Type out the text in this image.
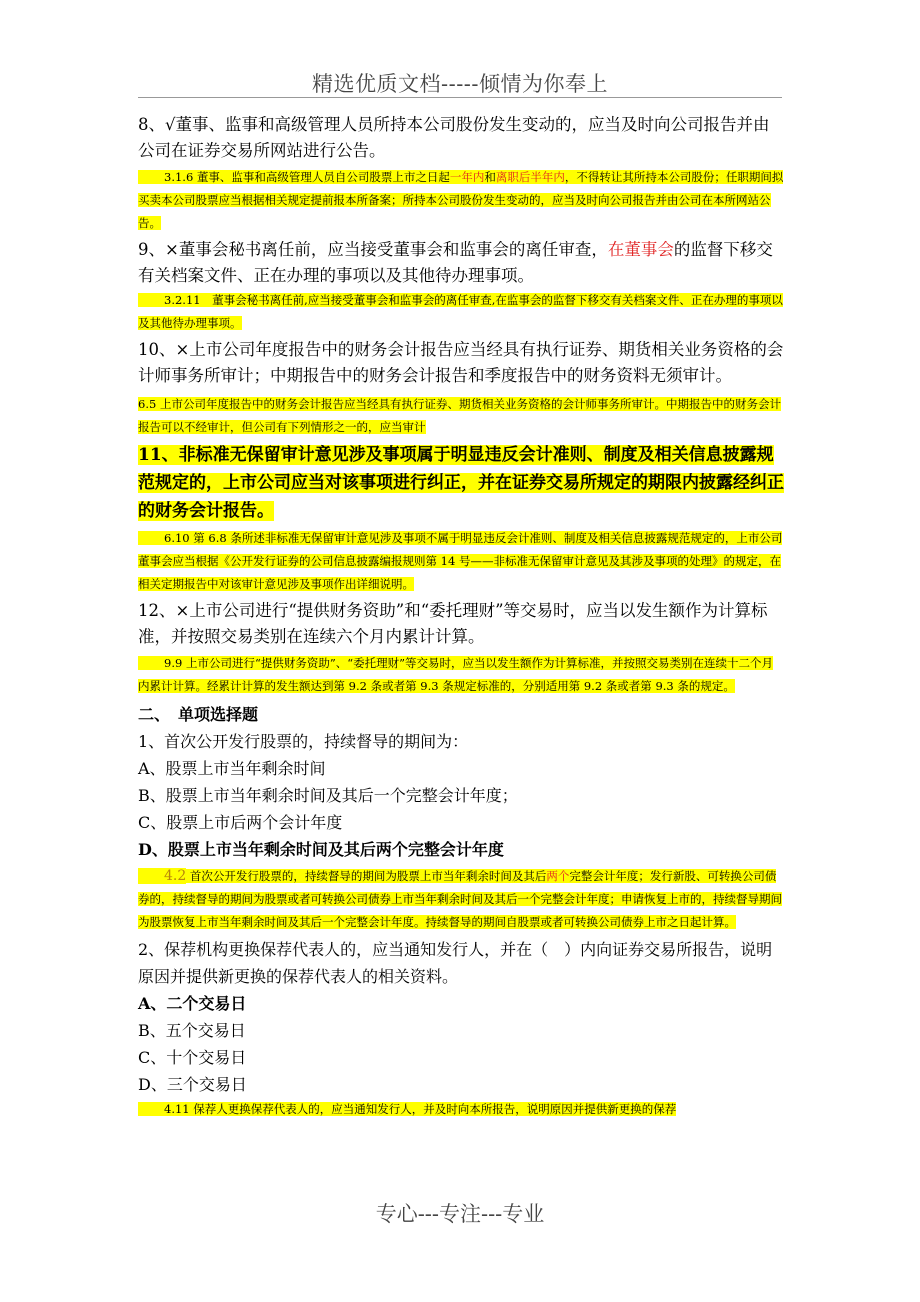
精选优质文档-----倾情为你奉上

8、√董事、监事和高级管理人员所持本公司股份发生变动的，应当及时向公司报告并由公司在证券交易所网站进行公告。

3.1.6 董事、监事和高级管理人员自公司股票上市之日起一年内和离职后半年内，不得转让其所持本公司股份；任职期间拟买卖本公司股票应当根据相关规定提前报本所备案；所持本公司股份发生变动的，应当及时向公司报告并由公司在本所网站公告。

9、×董事会秘书离任前，应当接受董事会和监事会的离任审查，在董事会的监督下移交有关档案文件、正在办理的事项以及其他待办理事项。

3.2.11　董事会秘书离任前,应当接受董事会和监事会的离任审查,在监事会的监督下移交有关档案文件、正在办理的事项以及其他待办理事项。

10、×上市公司年度报告中的财务会计报告应当经具有执行证券、期货相关业务资格的会计师事务所审计；中期报告中的财务会计报告和季度报告中的财务资料无须审计。

6.5 上市公司年度报告中的财务会计报告应当经具有执行证券、期货相关业务资格的会计师事务所审计。中期报告中的财务会计报告可以不经审计，但公司有下列情形之一的，应当审计

11、非标准无保留审计意见涉及事项属于明显违反会计准则、制度及相关信息披露规范规定的，上市公司应当对该事项进行纠正，并在证券交易所规定的期限内披露经纠正的财务会计报告。

6.10 第 6.8 条所述非标准无保留审计意见涉及事项不属于明显违反会计准则、制度及相关信息披露规范规定的，上市公司董事会应当根据《公开发行证券的公司信息披露编报规则第 14 号——非标准无保留审计意见及其涉及事项的处理》的规定，在相关定期报告中对该审计意见涉及事项作出详细说明。

12、×上市公司进行“提供财务资助”和“委托理财”等交易时，应当以发生额作为计算标准，并按照交易类别在连续六个月内累计计算。

9.9 上市公司进行“提供财务资助”、“委托理财”等交易时，应当以发生额作为计算标准，并按照交易类别在连续十二个月内累计计算。经累计计算的发生额达到第 9.2 条或者第 9.3 条规定标准的，分别适用第 9.2 条或者第 9.3 条的规定。

二、　单项选择题

1、首次公开发行股票的，持续督导的期间为：

A、股票上市当年剩余时间

B、股票上市当年剩余时间及其后一个完整会计年度；

C、股票上市后两个会计年度

D、股票上市当年剩余时间及其后两个完整会计年度

4.2 首次公开发行股票的，持续督导的期间为股票上市当年剩余时间及其后两个完整会计年度；发行新股、可转换公司债券的，持续督导的期间为股票或者可转换公司债券上市当年剩余时间及其后一个完整会计年度；申请恢复上市的，持续督导期间为股票恢复上市当年剩余时间及其后一个完整会计年度。持续督导的期间自股票或者可转换公司债券上市之日起计算。

2、保荐机构更换保荐代表人的，应当通知发行人，并在（　）内向证券交易所报告，说明原因并提供新更换的保荐代表人的相关资料。

A、二个交易日

B、五个交易日

C、十个交易日

D、三个交易日

4.11 保荐人更换保荐代表人的，应当通知发行人，并及时向本所报告，说明原因并提供新更换的保荐

专心---专注---专业
